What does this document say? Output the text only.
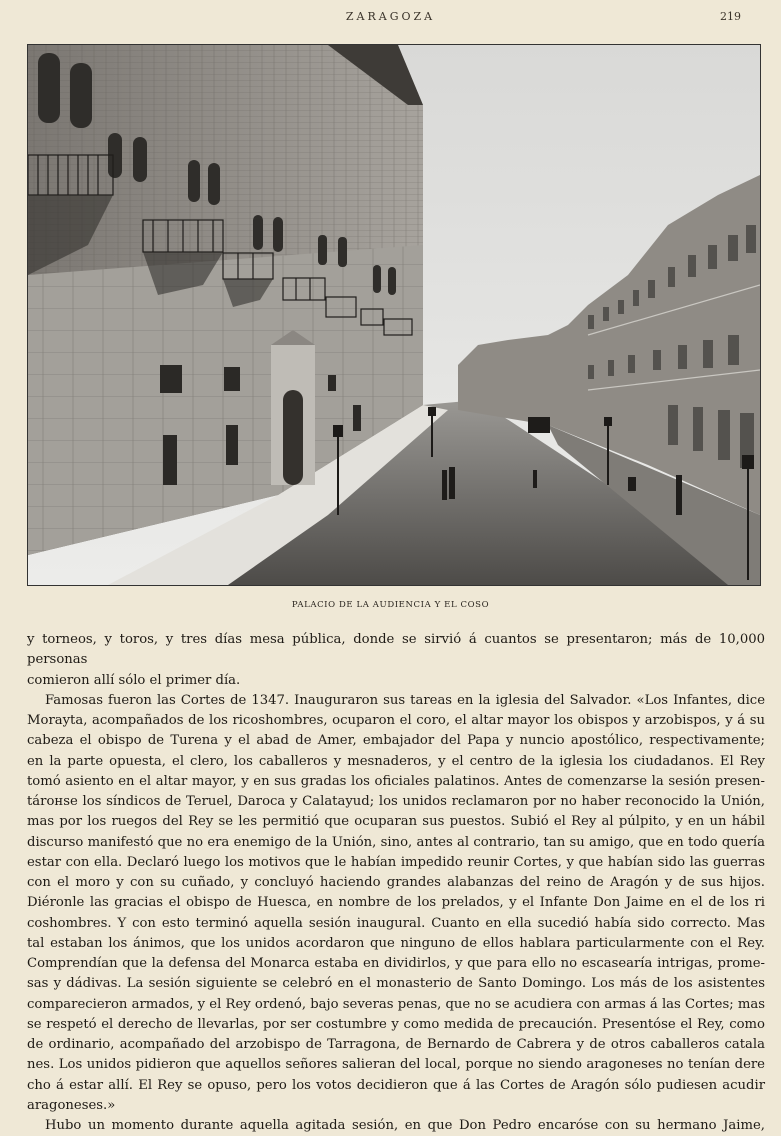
ZARAGOZA	219
PALACIO DE LA AUDIENCIA Y EL COSO
y torneos, y toros, y tres días mesa pública, donde se sirvió á cuantos se presentaron; más de 10,000 personas
comieron allí sólo el primer día.
Famosas fueron las Cortes de 1347. Inauguraron sus tareas en la iglesia del Salvador. «Los Infantes, dice
Morayta, acompañados de los ricoshombres, ocuparon el coro, el altar mayor los obispos y arzobispos, y á su
cabeza el obispo de Turena y el abad de Amer, embajador del Papa y nuncio apostólico, respectivamente;
en la parte opuesta, el clero, los caballeros y mesnaderos, y el centro de la iglesia los ciudadanos. El Rey
tomó asiento en el altar mayor, y en sus gradas los oficiales palatinos. Antes de comenzarse la sesión presen-
tárонse los síndicos de Teruel, Daroca y Calatayud; los unidos reclamaron por no haber reconocido la Unión,
mas por los ruegos del Rey se les permitió que ocuparan sus puestos. Subió el Rey al púlpito, y en un hábil
discurso manifestó que no era enemigo de la Unión, sino, antes al contrario, tan su amigo, que en todo quería
estar con ella. Declaró luego los motivos que le habían impedido reunir Cortes, y que habían sido las guerras
con el moro y con su cuñado, y concluyó haciendo grandes alabanzas del reino de Aragón y de sus hijos.
Diéronle las gracias el obispo de Huesca, en nombre de los prelados, y el Infante Don Jaime en el de los ri
coshombres. Y con esto terminó aquella sesión inaugural. Cuanto en ella sucedió había sido correcto. Mas
tal estaban los ánimos, que los unidos acordaron que ninguno de ellos hablara particularmente con el Rey.
Comprendían que la defensa del Monarca estaba en dividirlos, y que para ello no escasearía intrigas, prome-
sas y dádivas. La sesión siguiente se celebró en el monasterio de Santo Domingo. Los más de los asistentes
comparecieron armados, y el Rey ordenó, bajo severas penas, que no se acudiera con armas á las Cortes; mas
se respetó el derecho de llevarlas, por ser costumbre y como medida de precaución. Presentóse el Rey, como
de ordinario, acompañado del arzobispo de Tarragona, de Bernardo de Cabrera y de otros caballeros catala
nes. Los unidos pidieron que aquellos señores salieran del local, porque no siendo aragoneses no tenían dere
cho á estar allí. El Rey se opuso, pero los votos decidieron que á las Cortes de Aragón sólo pudiesen acudir
aragoneses.»
Hubo un momento durante aquella agitada sesión, en que Don Pedro encaróse con su hermano Jaime,
